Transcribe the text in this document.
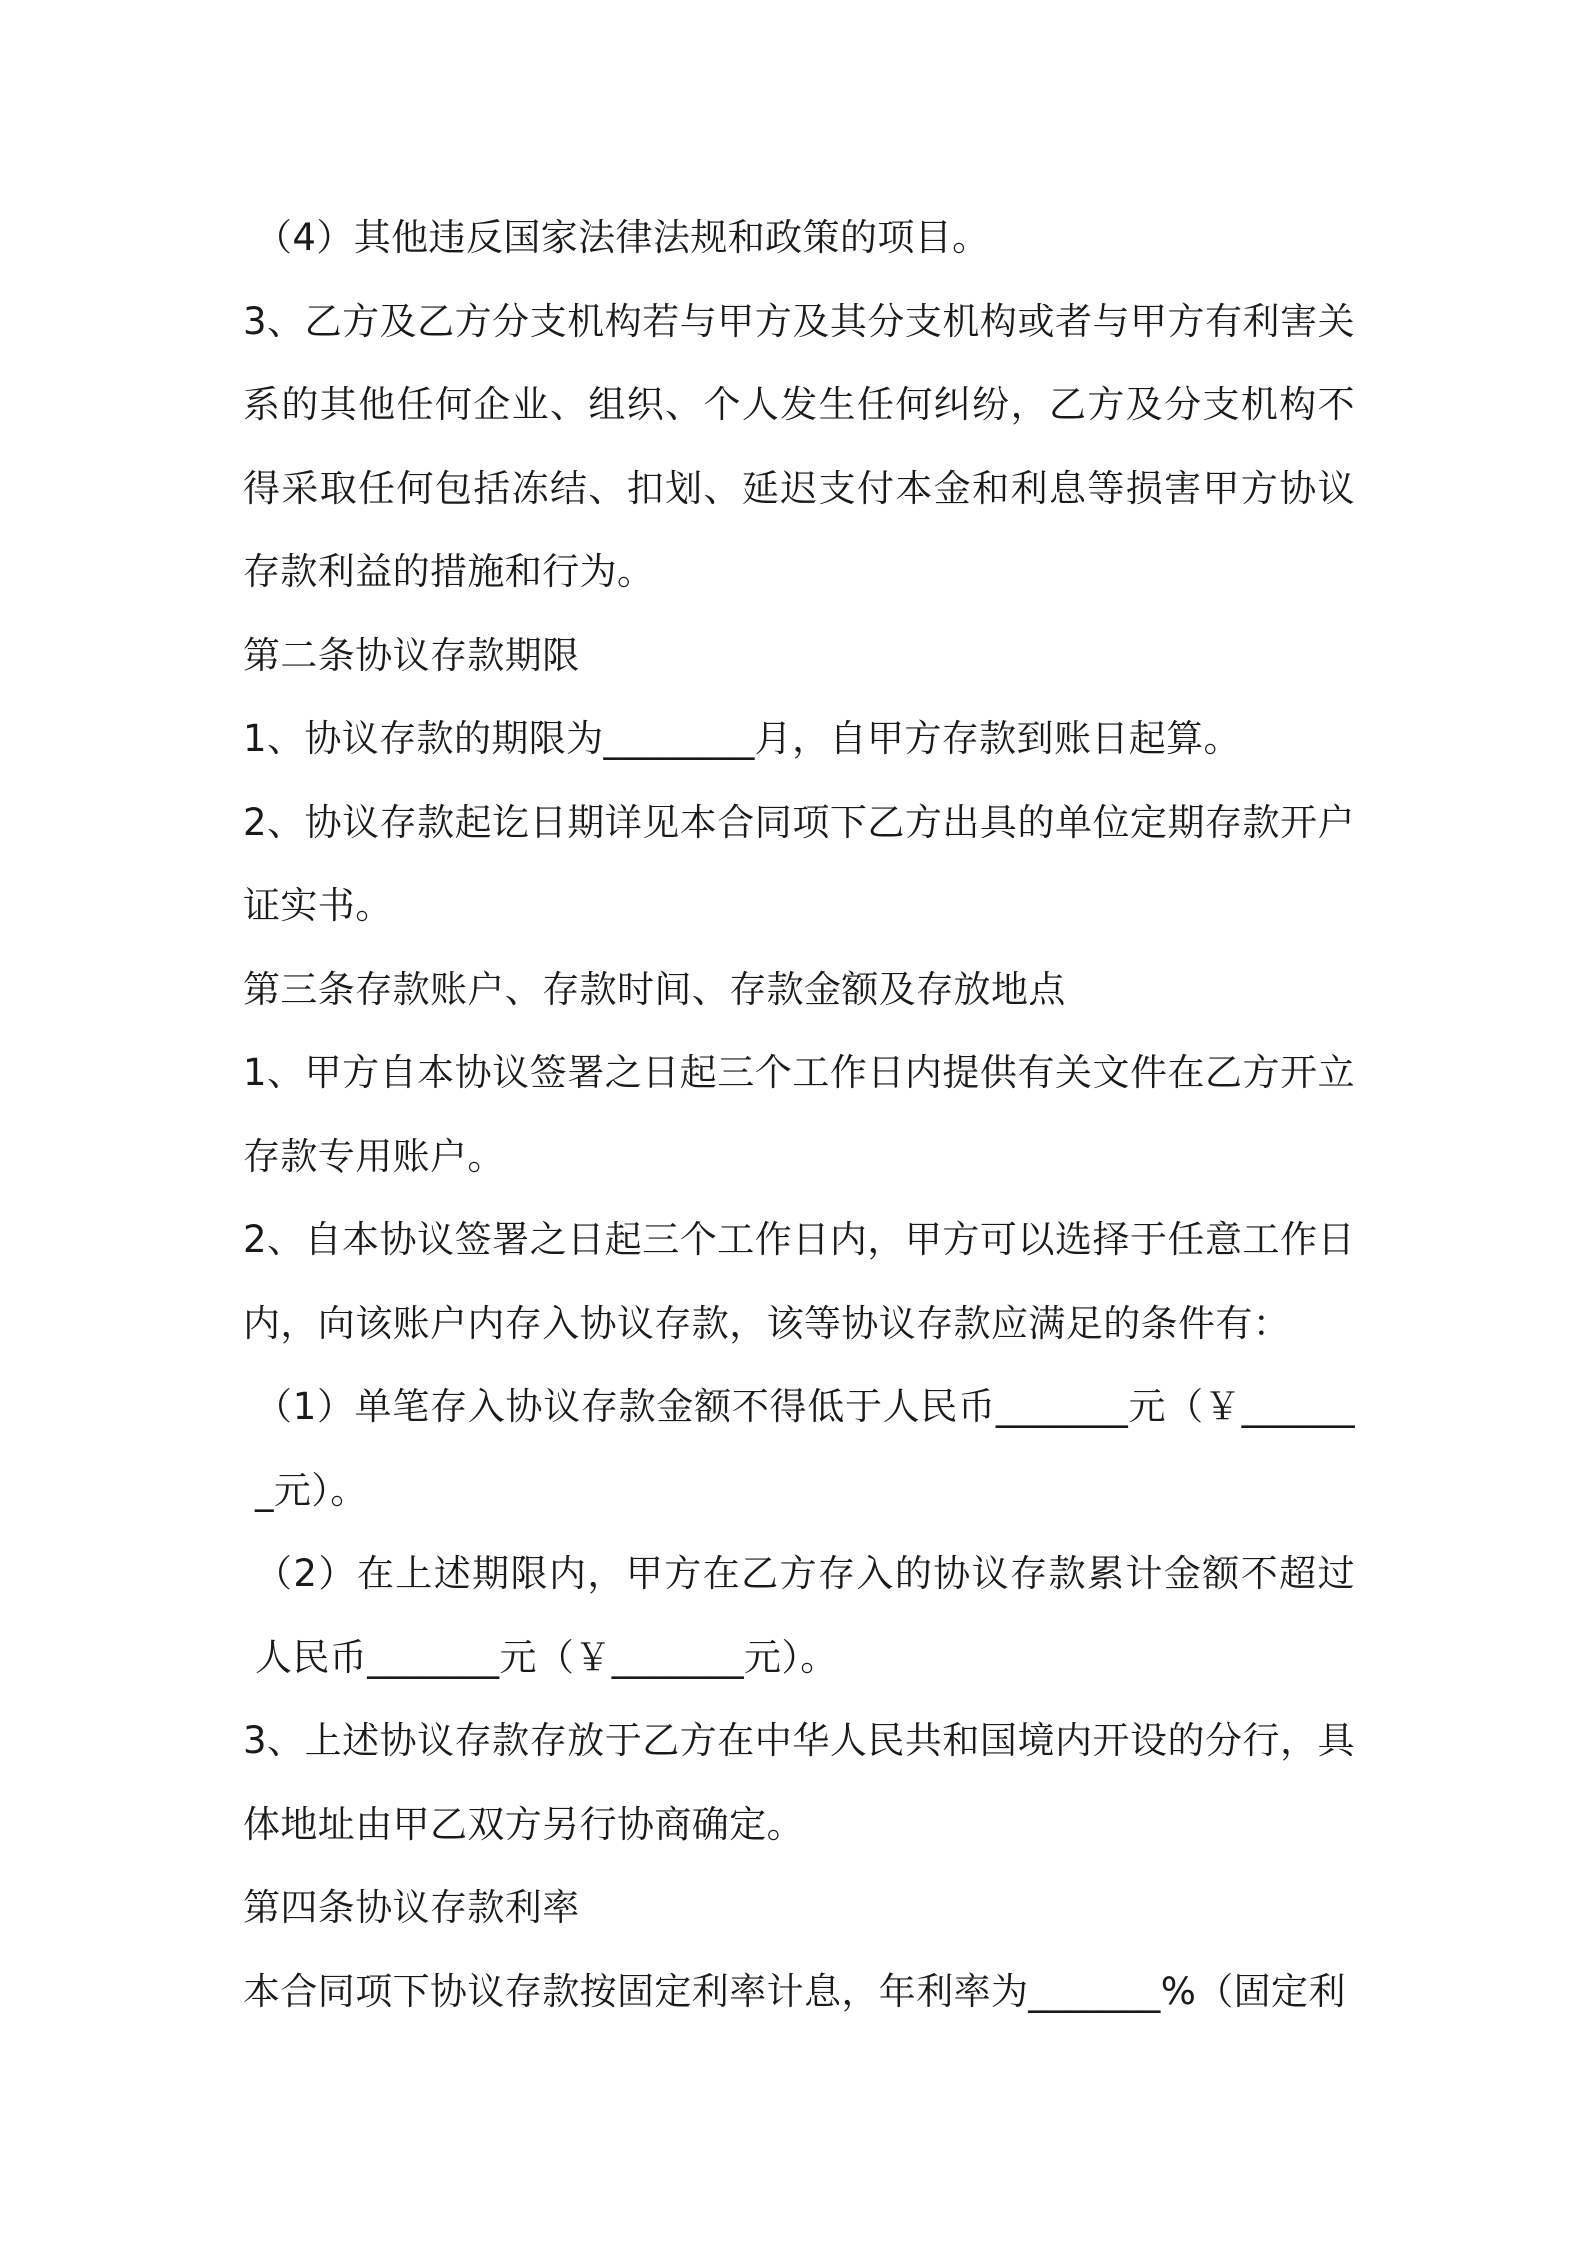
（4）其他违反国家法律法规和政策的项目。

3、乙方及乙方分支机构若与甲方及其分支机构或者与甲方有利害关系的其他任何企业、组织、个人发生任何纠纷，乙方及分支机构不得采取任何包括冻结、扣划、延迟支付本金和利息等损害甲方协议存款利益的措施和行为。

第二条协议存款期限

1、协议存款的期限为________月，自甲方存款到账日起算。

2、协议存款起讫日期详见本合同项下乙方出具的单位定期存款开户证实书。

第三条存款账户、存款时间、存款金额及存放地点

1、甲方自本协议签署之日起三个工作日内提供有关文件在乙方开立存款专用账户。

2、自本协议签署之日起三个工作日内，甲方可以选择于任意工作日内，向该账户内存入协议存款，该等协议存款应满足的条件有：

（1）单笔存入协议存款金额不得低于人民币_______元（￥_______元）。

（2）在上述期限内，甲方在乙方存入的协议存款累计金额不超过人民币_______元（￥_______元）。

3、上述协议存款存放于乙方在中华人民共和国境内开设的分行，具体地址由甲乙双方另行协商确定。

第四条协议存款利率

本合同项下协议存款按固定利率计息，年利率为_______%（固定利
